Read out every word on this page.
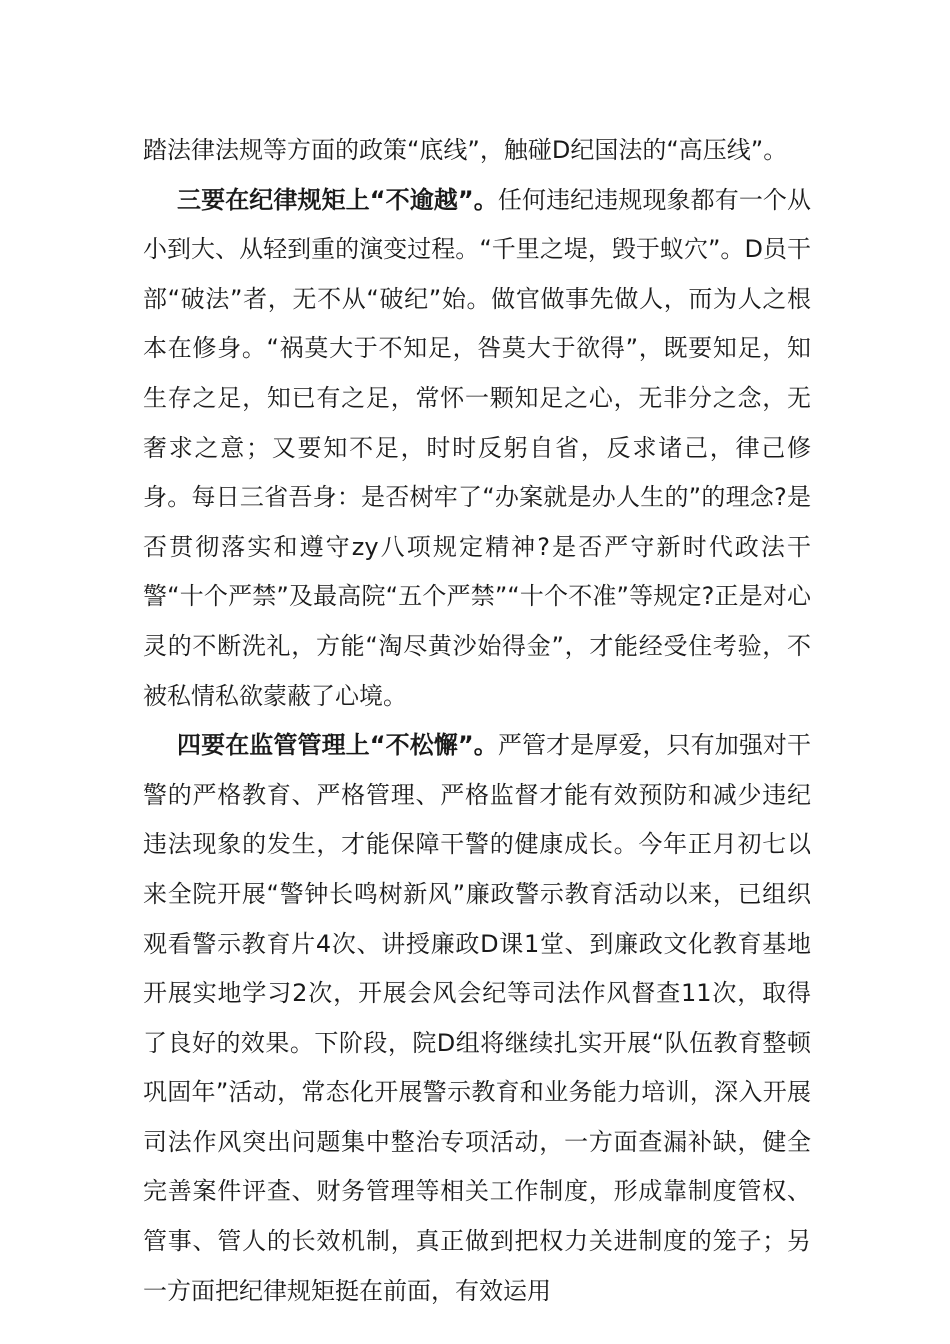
踏法律法规等方面的政策“底线”，触碰D纪国法的“高压线”。

三要在纪律规矩上“不逾越”。任何违纪违规现象都有一个从小到大、从轻到重的演变过程。“千里之堤，毁于蚁穴”。D员干部“破法”者，无不从“破纪”始。做官做事先做人，而为人之根本在修身。“祸莫大于不知足，咎莫大于欲得”，既要知足，知生存之足，知已有之足，常怀一颗知足之心，无非分之念，无奢求之意；又要知不足，时时反躬自省，反求诸己，律己修身。每日三省吾身：是否树牢了“办案就是办人生的”的理念?是否贯彻落实和遵守zy八项规定精神?是否严守新时代政法干警“十个严禁”及最高院“五个严禁”“十个不准”等规定?正是对心灵的不断洗礼，方能“淘尽黄沙始得金”，才能经受住考验，不被私情私欲蒙蔽了心境。

四要在监管管理上“不松懈”。严管才是厚爱，只有加强对干警的严格教育、严格管理、严格监督才能有效预防和减少违纪违法现象的发生，才能保障干警的健康成长。今年正月初七以来全院开展“警钟长鸣树新风”廉政警示教育活动以来，已组织观看警示教育片4次、讲授廉政D课1堂、到廉政文化教育基地开展实地学习2次，开展会风会纪等司法作风督查11次，取得了良好的效果。下阶段，院D组将继续扎实开展“队伍教育整顿巩固年”活动，常态化开展警示教育和业务能力培训，深入开展司法作风突出问题集中整治专项活动，一方面查漏补缺，健全完善案件评查、财务管理等相关工作制度，形成靠制度管权、管事、管人的长效机制，真正做到把权力关进制度的笼子；另一方面把纪律规矩挺在前面，有效运用
